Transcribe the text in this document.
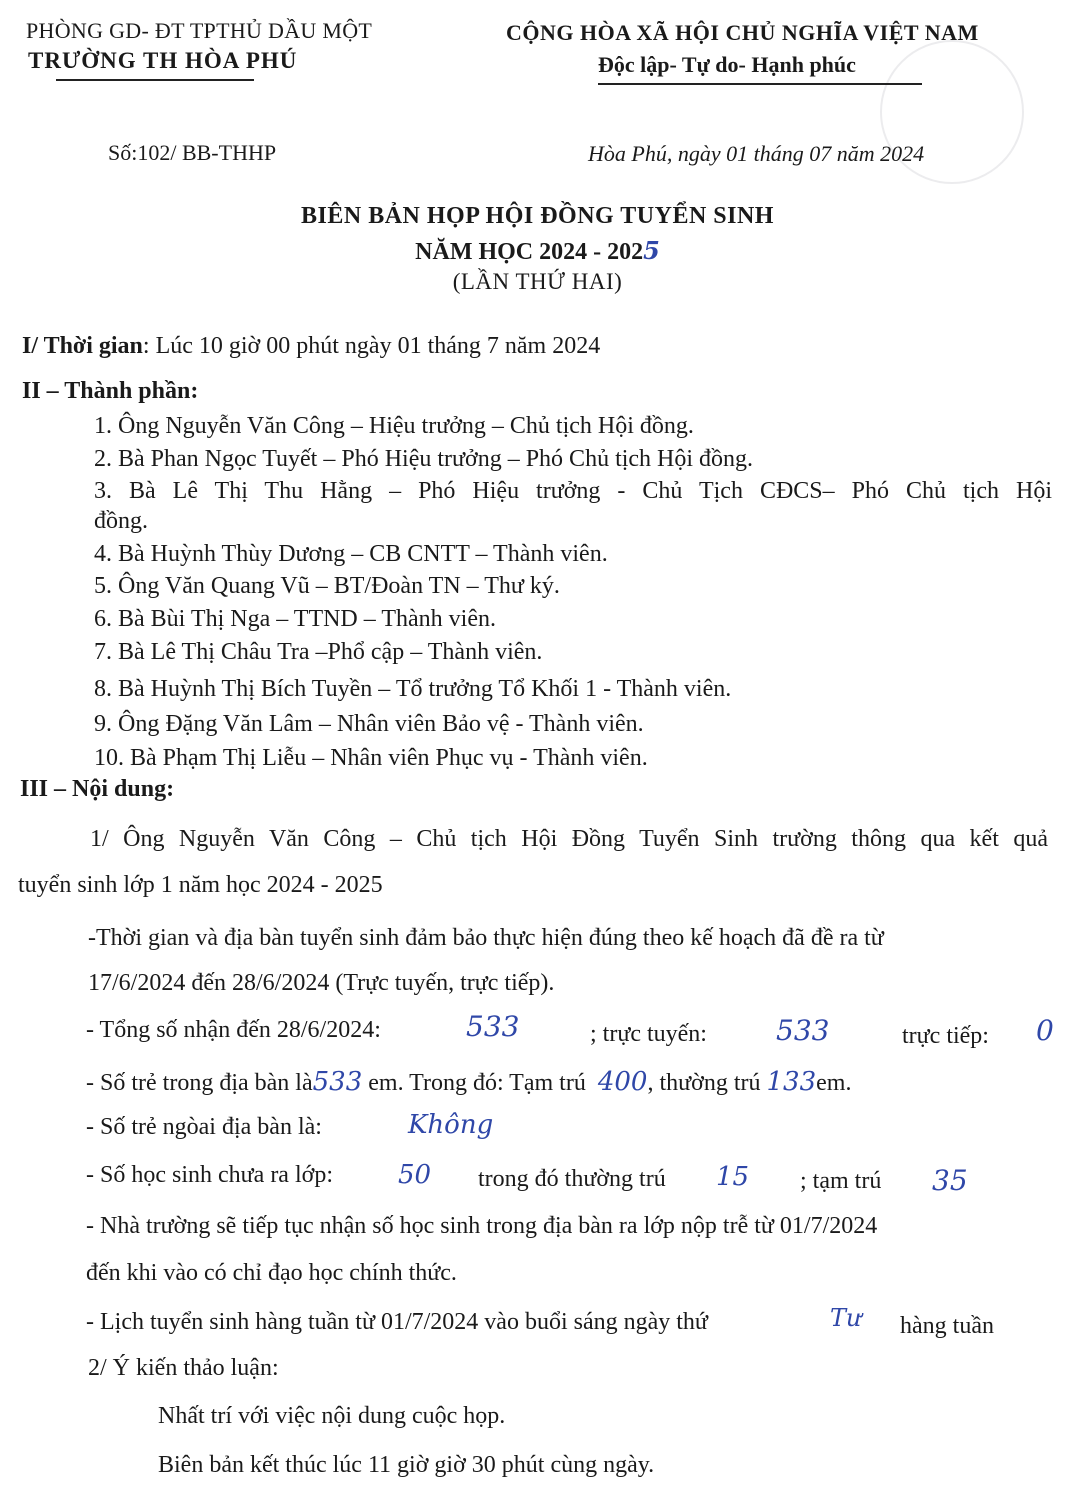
PHÒNG GD- ĐT TPTHỦ DẦU MỘT
TRƯỜNG TH HÒA PHÚ
CỘNG HÒA XÃ HỘI CHỦ NGHĨA VIỆT NAM
Độc lập- Tự do- Hạnh phúc
Số:102/ BB-THHP	Hòa Phú, ngày 01 tháng 07 năm 2024
BIÊN BẢN HỌP HỘI ĐỒNG TUYỂN SINH
NĂM HỌC 2024 - 2025
(LẦN THỨ HAI)
I/ Thời gian: Lúc 10 giờ 00 phút ngày 01 tháng 7 năm 2024
II – Thành phần:
1. Ông Nguyễn Văn Công – Hiệu trưởng – Chủ tịch Hội đồng.
2. Bà Phan Ngọc Tuyết – Phó Hiệu trưởng – Phó Chủ tịch Hội đồng.
3. Bà Lê Thị Thu Hằng – Phó Hiệu trưởng - Chủ Tịch CĐCS– Phó Chủ tịch Hội
đồng.
4. Bà Huỳnh Thùy Dương – CB CNTT – Thành viên.
5. Ông Văn Quang Vũ – BT/Đoàn TN – Thư ký.
6. Bà Bùi Thị Nga – TTND – Thành viên.
7. Bà Lê Thị Châu Tra –Phổ cập – Thành viên.
8. Bà Huỳnh Thị Bích Tuyền – Tổ trưởng Tổ Khối 1 - Thành viên.
9. Ông Đặng Văn Lâm – Nhân viên Bảo vệ - Thành viên.
10. Bà Phạm Thị Liễu – Nhân viên Phục vụ - Thành viên.
III – Nội dung:
1/ Ông Nguyễn Văn Công – Chủ tịch Hội Đồng Tuyển Sinh trường thông qua kết quả
tuyển sinh lớp 1 năm học 2024 - 2025
-Thời gian và địa bàn tuyển sinh đảm bảo thực hiện đúng theo kế hoạch đã đề ra từ
17/6/2024 đến 28/6/2024 (Trực tuyến, trực tiếp).
- Tổng số nhận đến 28/6/2024:	533	; trực tuyến: 533	trực tiếp: 0
- Số trẻ trong địa bàn là533 em. Trong đó: Tạm trú 400, thường trú 133em.
- Số trẻ ngòai địa bàn là:	Không
- Số học sinh chưa ra lớp:	50 trong đó thường trú 15 ; tạm trú 35
- Nhà trường sẽ tiếp tục nhận số học sinh trong địa bàn ra lớp nộp trễ từ 01/7/2024
đến khi vào có chỉ đạo học chính thức.
- Lịch tuyển sinh hàng tuần từ 01/7/2024 vào buổi sáng ngày thứ	Tư hàng tuần
2/ Ý kiến thảo luận:
Nhất trí với việc nội dung cuộc họp.
Biên bản kết thúc lúc 11 giờ giờ 30 phút cùng ngày.
